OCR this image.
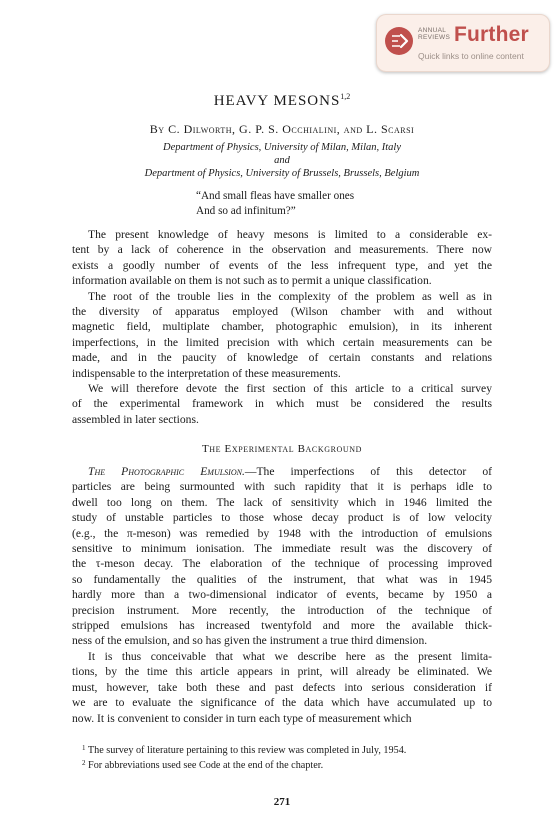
ANNUAL
REVIEWS Further
Quick links to online content
HEAVY MESONS$^{1,2}$
By C. Dilworth, G. P. S. Occhialini, and L. Scarsi
Department of Physics, University of Milan, Milan, Italy
and
Department of Physics, University of Brussels, Brussels, Belgium
“And small fleas have smaller ones
And so ad infinitum?”
The present knowledge of heavy mesons is limited to a considerable ex-
tent by a lack of coherence in the observation and measurements. There now
exists a goodly number of events of the less infrequent type, and yet the
information available on them is not such as to permit a unique classification.
The root of the trouble lies in the complexity of the problem as well as in
the diversity of apparatus employed (Wilson chamber with and without
magnetic field, multiplate chamber, photographic emulsion), in its inherent
imperfections, in the limited precision with which certain measurements can be
made, and in the paucity of knowledge of certain constants and relations
indispensable to the interpretation of these measurements.
We will therefore devote the first section of this article to a critical survey
of the experimental framework in which must be considered the results
assembled in later sections.
The Experimental Background
The Photographic Emulsion.—The imperfections of this detector of
particles are being surmounted with such rapidity that it is perhaps idle to
dwell too long on them. The lack of sensitivity which in 1946 limited the
study of unstable particles to those whose decay product is of low velocity
(e.g., the π-meson) was remedied by 1948 with the introduction of emulsions
sensitive to minimum ionisation. The immediate result was the discovery of
the τ-meson decay. The elaboration of the technique of processing improved
so fundamentally the qualities of the instrument, that what was in 1945
hardly more than a two-dimensional indicator of events, became by 1950 a
precision instrument. More recently, the introduction of the technique of
stripped emulsions has increased twentyfold and more the available thick-
ness of the emulsion, and so has given the instrument a true third dimension.
It is thus conceivable that what we describe here as the present limita-
tions, by the time this article appears in print, will already be eliminated. We
must, however, take both these and past defects into serious consideration if
we are to evaluate the significance of the data which have accumulated up to
now. It is convenient to consider in turn each type of measurement which
$^1$ The survey of literature pertaining to this review was completed in July, 1954.
$^2$ For abbreviations used see Code at the end of the chapter.
271
